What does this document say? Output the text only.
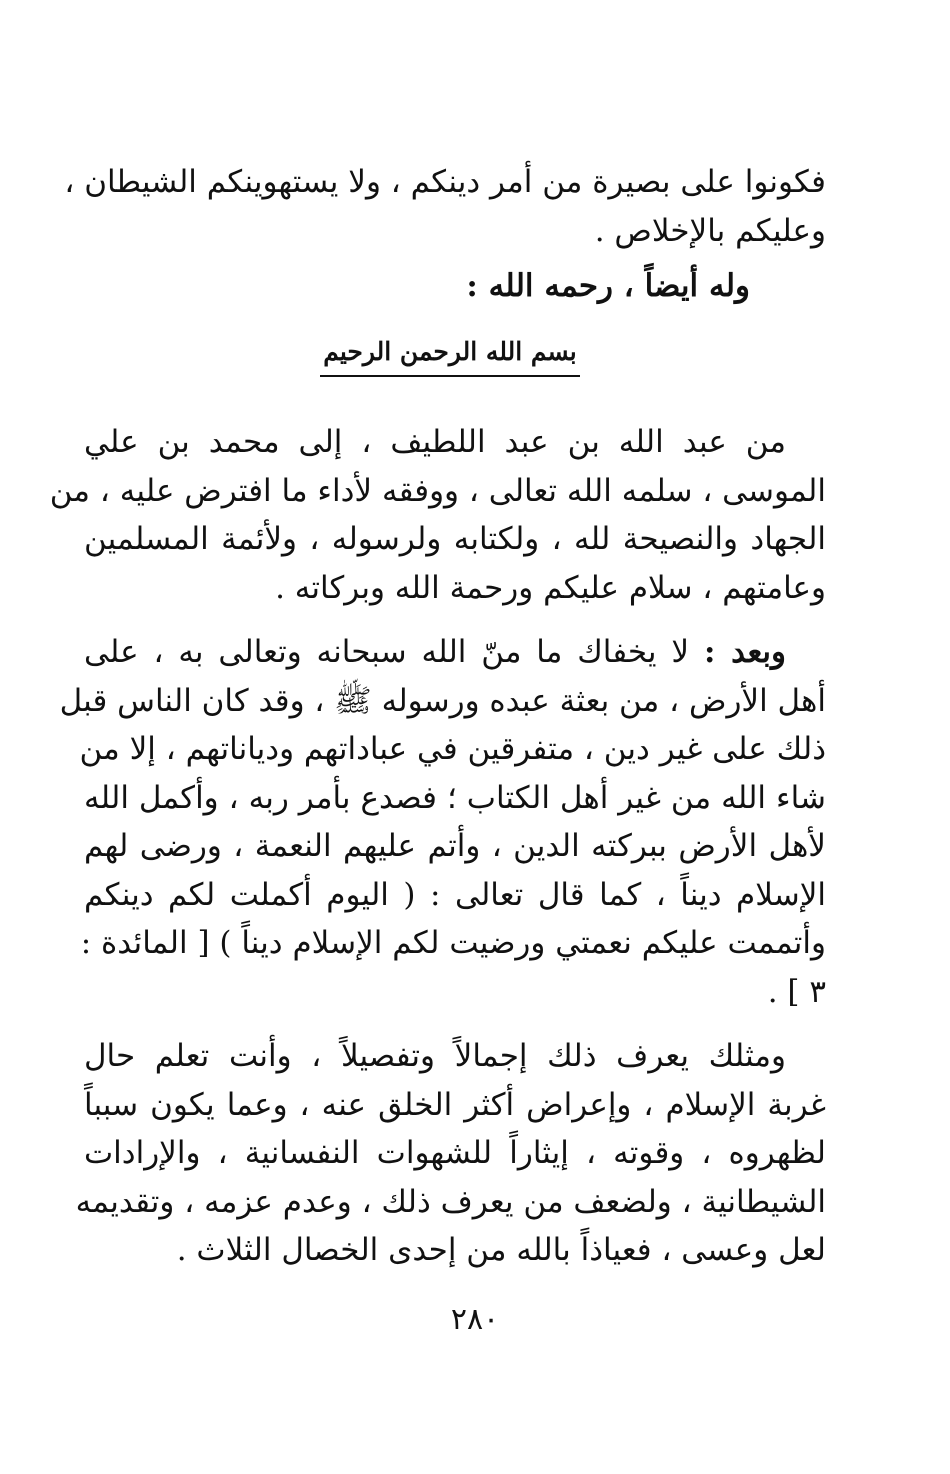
فكونوا على بصيرة من أمر دينكم ، ولا يستهوينكم الشيطان ،
وعليكم بالإخلاص .

وله أيضاً ، رحمه الله :

بسم الله الرحمن الرحيم

من عبد الله بن عبد اللطيف ، إلى محمد بن علي
الموسى ، سلمه الله تعالى ، ووفقه لأداء ما افترض عليه ، من
الجهاد والنصيحة لله ، ولكتابه ولرسوله ، ولأئمة المسلمين
وعامتهم ، سلام عليكم ورحمة الله وبركاته .

وبعد : لا يخفاك ما منّ الله سبحانه وتعالى به ، على
أهل الأرض ، من بعثة عبده ورسوله ﷺ ، وقد كان الناس قبل
ذلك على غير دين ، متفرقين في عباداتهم ودياناتهم ، إلا من
شاء الله من غير أهل الكتاب ؛ فصدع بأمر ربه ، وأكمل الله
لأهل الأرض ببركته الدين ، وأتم عليهم النعمة ، ورضى لهم
الإسلام ديناً ، كما قال تعالى : ( اليوم أكملت لكم دينكم
وأتممت عليكم نعمتي ورضيت لكم الإسلام ديناً ) [ المائدة :
٣ ] .

ومثلك يعرف ذلك إجمالاً وتفصيلاً ، وأنت تعلم حال
غربة الإسلام ، وإعراض أكثر الخلق عنه ، وعما يكون سبباً
لظهروه ، وقوته ، إيثاراً للشهوات النفسانية ، والإرادات
الشيطانية ، ولضعف من يعرف ذلك ، وعدم عزمه ، وتقديمه
لعل وعسى ، فعياذاً بالله من إحدى الخصال الثلاث .

٢٨٠
